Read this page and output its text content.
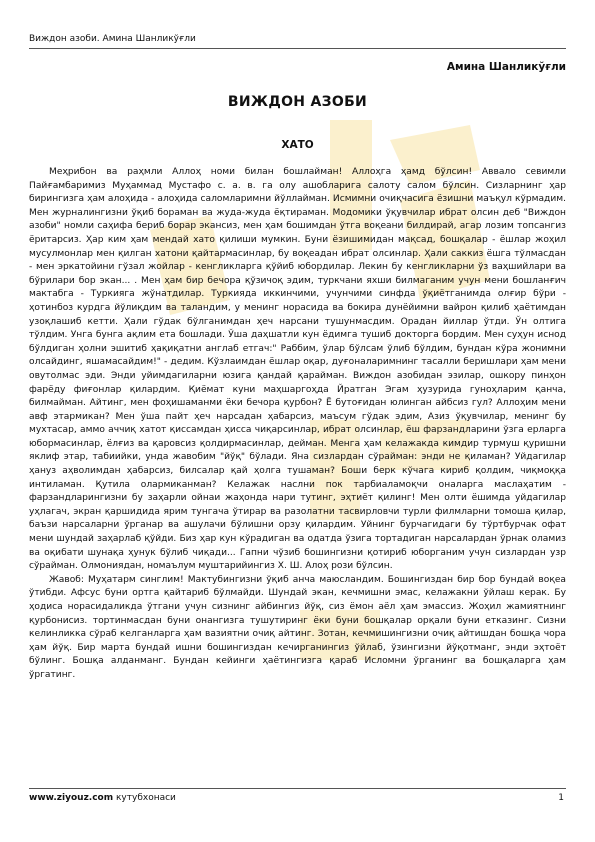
Виждон азоби. Амина Шанликўғли
Амина Шанликўғли
ВИЖДОН АЗОБИ
ХАТО

Меҳрибон ва раҳмли Аллоҳ номи билан бошлайман! Аллоҳга ҳамд бўлсин! Аввало севимли Пайғамбаримиз Муҳаммад Мустафо с. а. в. га олу ашобларига салоту салом бўлсин. Сизларнинг ҳар бирингизга ҳам алоҳида - алоҳида саломларимни йўллайман. Исмимни очиқчасига ёзишни маъқул кўрмадим. Мен журналингизни ўқиб бораман ва жуда-жуда ёқтираман. Модомики ўқувчилар ибрат олсин деб "Виждон азоби" номли саҳифа бериб борар экансиз, мен ҳам бошимдан ўтга воқеани билдирай, агар лозим топсангиз ёритарсиз. Ҳар ким ҳам мендай хато қилиши мумкин. Буни ёзишимидан мақсад, бошқалар - ёшлар жоҳил мусулмонлар мен қилган хатони қайтармасинлар, бу воқеадан ибрат олсинлар. Ҳали саккиз ёшга тўлмасдан - мен эркатойини гўзал жойлар - кенгликларга қўйиб юбордилар. Лекин бу кенгликларни ўз ваҳшийлари ва бўрилари бор экан... . Мен ҳам бир бечора қўзичоқ эдим, туркчани яхши билмаганим учун мени бошланғич мактабга - Туркияга жўнатдилар. Туркияда иккинчими, учунчими синфда ўқиётганимда олғир бўри - ҳотинбоз курдга йўлиқдим ва таландим, у менинг норасида ва бокира дунёйимни вайрон қилиб ҳаётимдан узоқлашиб кетти. Ҳали гўдак бўлганимдан ҳеч нарсани тушунмасдим. Орадан йиллар ўтди. Ўн олтига тўлдим. Унга бунга ақлим ета бошлади. Ўша даҳшатли кун ёдимга тушиб докторга бордим. Мен суҳун иснод бўлдиган ҳолни эшитиб ҳақиқатни англаб етгач:" Раббим, ўлар бўлсам ўлиб бўлдим, бундан кўра жонимни олсайдинг, яшамасайдим!" - дедим. Кўзлаимдан ёшлар оқар, дуғоналаримнинг тасалли беришлари ҳам мени овутолмас эди. Энди уйимдагиларни юзига қандай қарайман. Виждон азобидан эзилар, ошкору пинҳон фарёду фиғонлар қилардим. Қиёмат куни маҳшаргоҳда Йратган Эгам ҳузурида гуноҳларим қанча, билмайман. Айтинг, мен фоҳишаманми ёки бечора қурбон? Ё бутоғидан юлинган айбсиз гул? Аллоҳим мени авф этармикан? Мен ўша пайт ҳеч нарсадан ҳабарсиз, маъсум гўдак эдим, Азиз ўқувчилар, менинг бу мухтасар, аммо аччиқ хатот қиссамдан ҳисса чиқарсинлар, ибрат олсинлар, ёш фарзандларини ўзга ерларга юбормасинлар, ёлғиз ва қаровсиз қолдирмасинлар, деймaн. Менга ҳам келажакда кимдир турмуш қуришни яклиф этар, табиийки, унда жавобим "йўқ" бўлади. Яна сизлардан сўрайман: энди не қиламан? Уйдагилар ҳануз аҳволимдан ҳабарсиз, билсалар қай ҳолга тушаман? Боши берк кўчага кириб қолдим, чиқмоққа интиламан. Қутила олармиканман? Келажак наслни пок тарбиаламоқчи оналарга маслаҳатим - фарзандларингизни бу заҳарли ойнаи жаҳонда нари тутинг, эҳтиёт қилинг! Мен олти ёшимда уйдагилар уҳлагач, экран қаршидида ярим тунгача ўтирар ва разолатни тасвирловчи турли филмларни томоша қилар, баъзи нарсаларни ўрганар ва ашулачи бўлишни орзу қилардим. Уйнинг бурчагидаги бу тўртбурчак офат мени шундай заҳарлаб қўйди. Биз ҳар кун кўрадиган ва одатда ўзига тортадиган нарсалардан ўрнак оламиз ва оқибати шунақа ҳунук бўлиб чиқади... Гапни чўзиб бошингизни қотириб юборганим учун сизлардан узр сўрайман. Олмониядан, номаълум муштарийингиз Х. Ш. Алоҳ рози бўлсин.

Жавоб: Муҳатарм синглим! Мактубингизни ўқиб анча маюсландим. Бошингиздан бир бор бундай воқеа ўтибди. Афсус буни ортга қайтариб бўлмайди. Шундай экан, кечмишни эмас, келажакни ўйлаш керак. Бу ҳодиса норасидаликда ўтгани учун сизнинг айбингиз йўқ, сиз ёмон аёл ҳам эмассиз. Жоҳил жамиятнинг қурбонисиз. тортинмасдан буни онангизга тушутиринг ёки буни бошқалар орқали буни етказинг. Сизни келинликка сўраб келганларга ҳам вазиятни очиқ айтинг. Зотан, кечмишингизни очиқ айтишдан бошқа чора ҳам йўқ. Бир марта бундай ишни бошингиздан кечирганингиз ўйлаб, ўзингизни йўқотманг, энди эҳтоёт бўлинг. Бошқа алданманг. Бундан кейинги ҳаётингизга қараб Исломни ўрганинг ва бошқаларга ҳам ўргатинг.

www.ziyouz.com кутубхонаси	1
